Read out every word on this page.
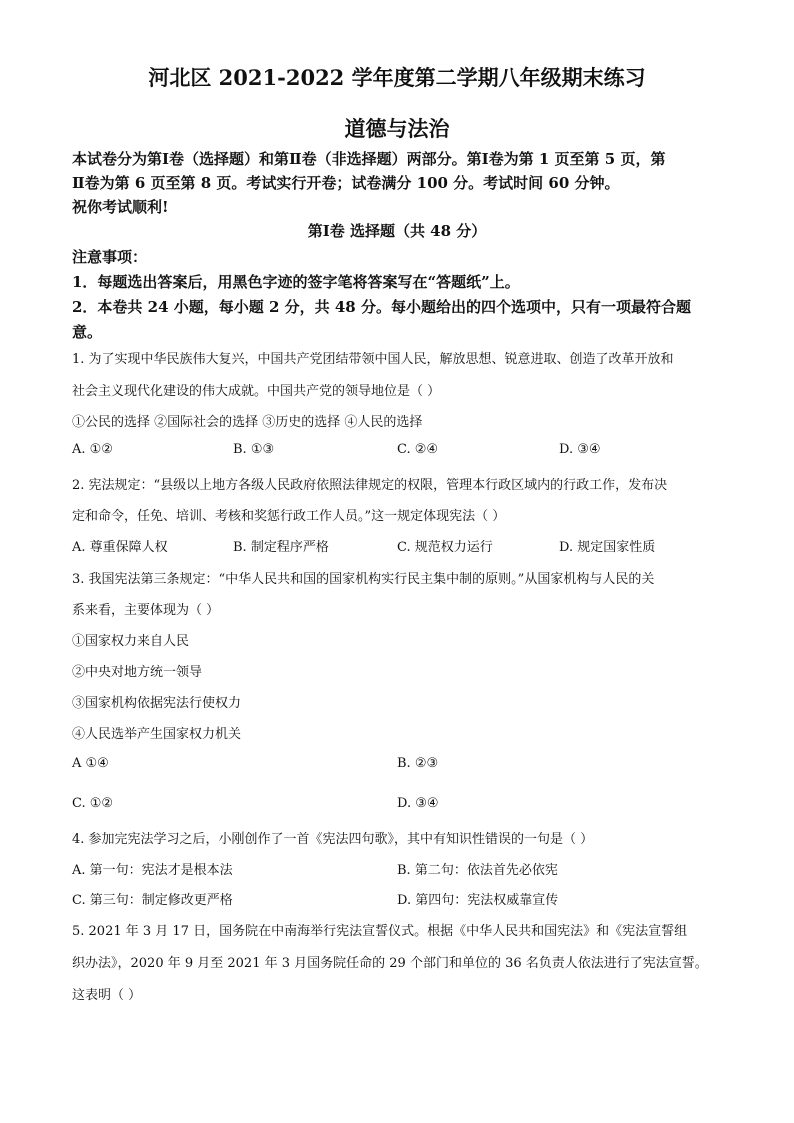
河北区 2021-2022 学年度第二学期八年级期末练习
道德与法治
本试卷分为第Ⅰ卷（选择题）和第Ⅱ卷（非选择题）两部分。第Ⅰ卷为第 1 页至第 5 页，第
Ⅱ卷为第 6 页至第 8 页。考试实行开卷；试卷满分 100 分。考试时间 60 分钟。
祝你考试顺利!
第Ⅰ卷 选择题（共 48 分）
注意事项：
1．每题选出答案后，用黑色字迹的签字笔将答案写在“答题纸”上。
2．本卷共 24 小题，每小题 2 分，共 48 分。每小题给出的四个选项中，只有一项最符合题
意。
1. 为了实现中华民族伟大复兴，中国共产党团结带领中国人民，解放思想、锐意进取、创造了改革开放和
社会主义现代化建设的伟大成就。中国共产党的领导地位是（ ）
①公民的选择 ②国际社会的选择 ③历史的选择 ④人民的选择
A. ①②	B. ①③	C. ②④	D. ③④
2. 宪法规定：“县级以上地方各级人民政府依照法律规定的权限，管理本行政区域内的行政工作，发布决
定和命令，任免、培训、考核和奖惩行政工作人员。”这一规定体现宪法（ ）
A. 尊重保障人权	B. 制定程序严格	C. 规范权力运行	D. 规定国家性质
3. 我国宪法第三条规定：“中华人民共和国的国家机构实行民主集中制的原则。”从国家机构与人民的关
系来看，主要体现为（ ）
①国家权力来自人民
②中央对地方统一领导
③国家机构依据宪法行使权力
④人民选举产生国家权力机关
A ①④	B. ②③
C. ①②	D. ③④
4. 参加完宪法学习之后，小刚创作了一首《宪法四句歌》，其中有知识性错误的一句是（ ）
A. 第一句：宪法才是根本法	B. 第二句：依法首先必依宪
C. 第三句：制定修改更严格	D. 第四句：宪法权威靠宣传
5. 2021 年 3 月 17 日，国务院在中南海举行宪法宣誓仪式。根据《中华人民共和国宪法》和《宪法宣誓组
织办法》，2020 年 9 月至 2021 年 3 月国务院任命的 29 个部门和单位的 36 名负责人依法进行了宪法宣誓。
这表明（ ）
